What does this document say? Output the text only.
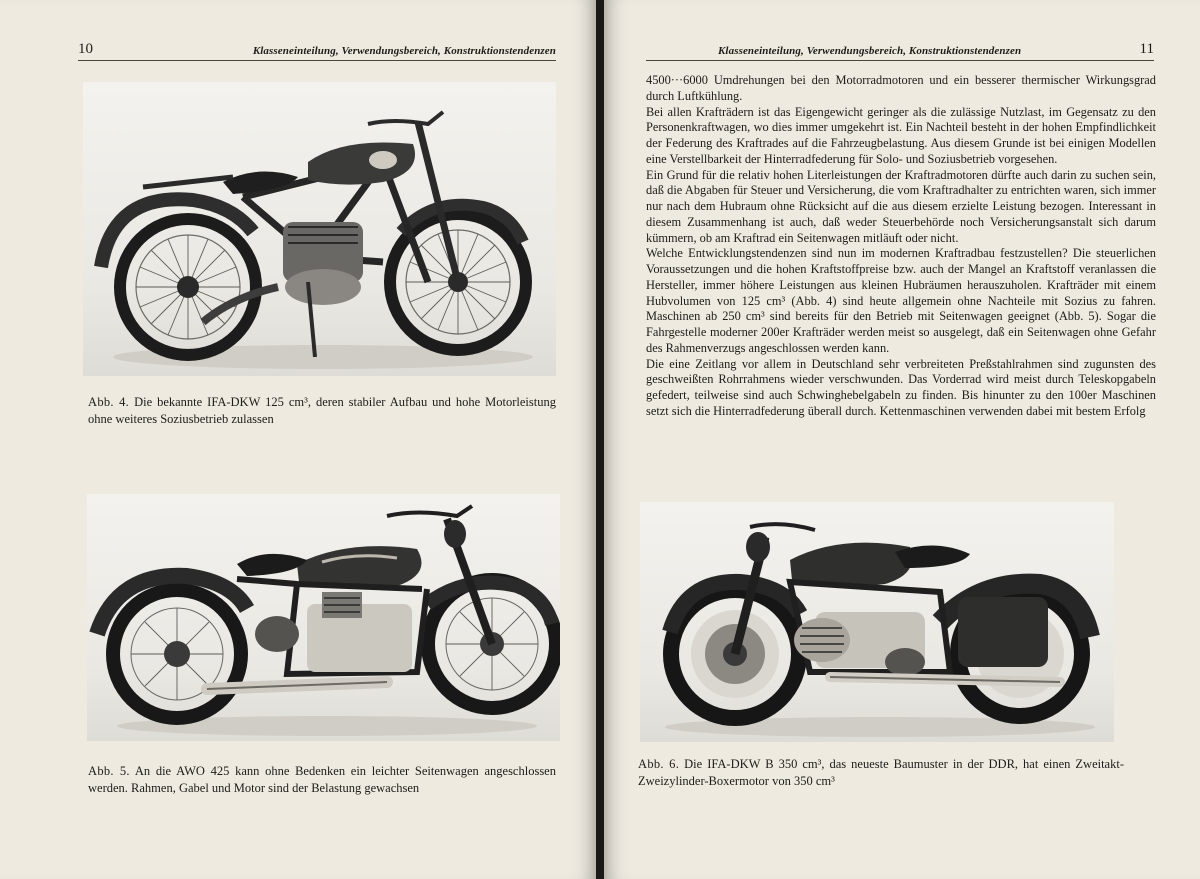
10	Klasseneinteilung, Verwendungsbereich, Konstruktionstendenzen
Abb. 4. Die bekannte IFA-DKW 125 cm³, deren stabiler Aufbau und hohe Motorleistung ohne weiteres Soziusbetrieb zulassen
Abb. 5. An die AWO 425 kann ohne Bedenken ein leichter Seitenwagen angeschlossen werden. Rahmen, Gabel und Motor sind der Belastung gewachsen
Klasseneinteilung, Verwendungsbereich, Konstruktionstendenzen	11

4500···6000 Umdrehungen bei den Motorradmotoren und ein besserer thermischer Wirkungsgrad durch Luftkühlung.

Bei allen Krafträdern ist das Eigengewicht geringer als die zulässige Nutzlast, im Gegensatz zu den Personenkraftwagen, wo dies immer umgekehrt ist. Ein Nachteil besteht in der hohen Empfindlichkeit der Federung des Kraftrades auf die Fahrzeugbelastung. Aus diesem Grunde ist bei einigen Modellen eine Verstellbarkeit der Hinterradfederung für Solo- und Soziusbetrieb vorgesehen.

Ein Grund für die relativ hohen Literleistungen der Kraftradmotoren dürfte auch darin zu suchen sein, daß die Abgaben für Steuer und Versicherung, die vom Kraftradhalter zu entrichten waren, sich immer nur nach dem Hubraum ohne Rücksicht auf die aus diesem erzielte Leistung bezogen. Interessant in diesem Zusammenhang ist auch, daß weder Steuerbehörde noch Versicherungsanstalt sich darum kümmern, ob am Kraftrad ein Seitenwagen mitläuft oder nicht.

Welche Entwicklungstendenzen sind nun im modernen Kraftradbau festzustellen? Die steuerlichen Voraussetzungen und die hohen Kraftstoffpreise bzw. auch der Mangel an Kraftstoff veranlassen die Hersteller, immer höhere Leistungen aus kleinen Hubräumen herauszuholen. Krafträder mit einem Hubvolumen von 125 cm³ (Abb. 4) sind heute allgemein ohne Nachteile mit Sozius zu fahren. Maschinen ab 250 cm³ sind bereits für den Betrieb mit Seitenwagen geeignet (Abb. 5). Sogar die Fahrgestelle moderner 200er Krafträder werden meist so ausgelegt, daß ein Seitenwagen ohne Gefahr des Rahmenverzugs angeschlossen werden kann.

Die eine Zeitlang vor allem in Deutschland sehr verbreiteten Preßstahlrahmen sind zugunsten des geschweißten Rohrrahmens wieder verschwunden. Das Vorderrad wird meist durch Teleskopgabeln gefedert, teilweise sind auch Schwinghebelgabeln zu finden. Bis hinunter zu den 100er Maschinen setzt sich die Hinterradfederung überall durch. Kettenmaschinen verwenden dabei mit bestem Erfolg

Abb. 6. Die IFA-DKW B 350 cm³, das neueste Baumuster in der DDR, hat einen Zweitakt-Zweizylinder-Boxermotor von 350 cm³
